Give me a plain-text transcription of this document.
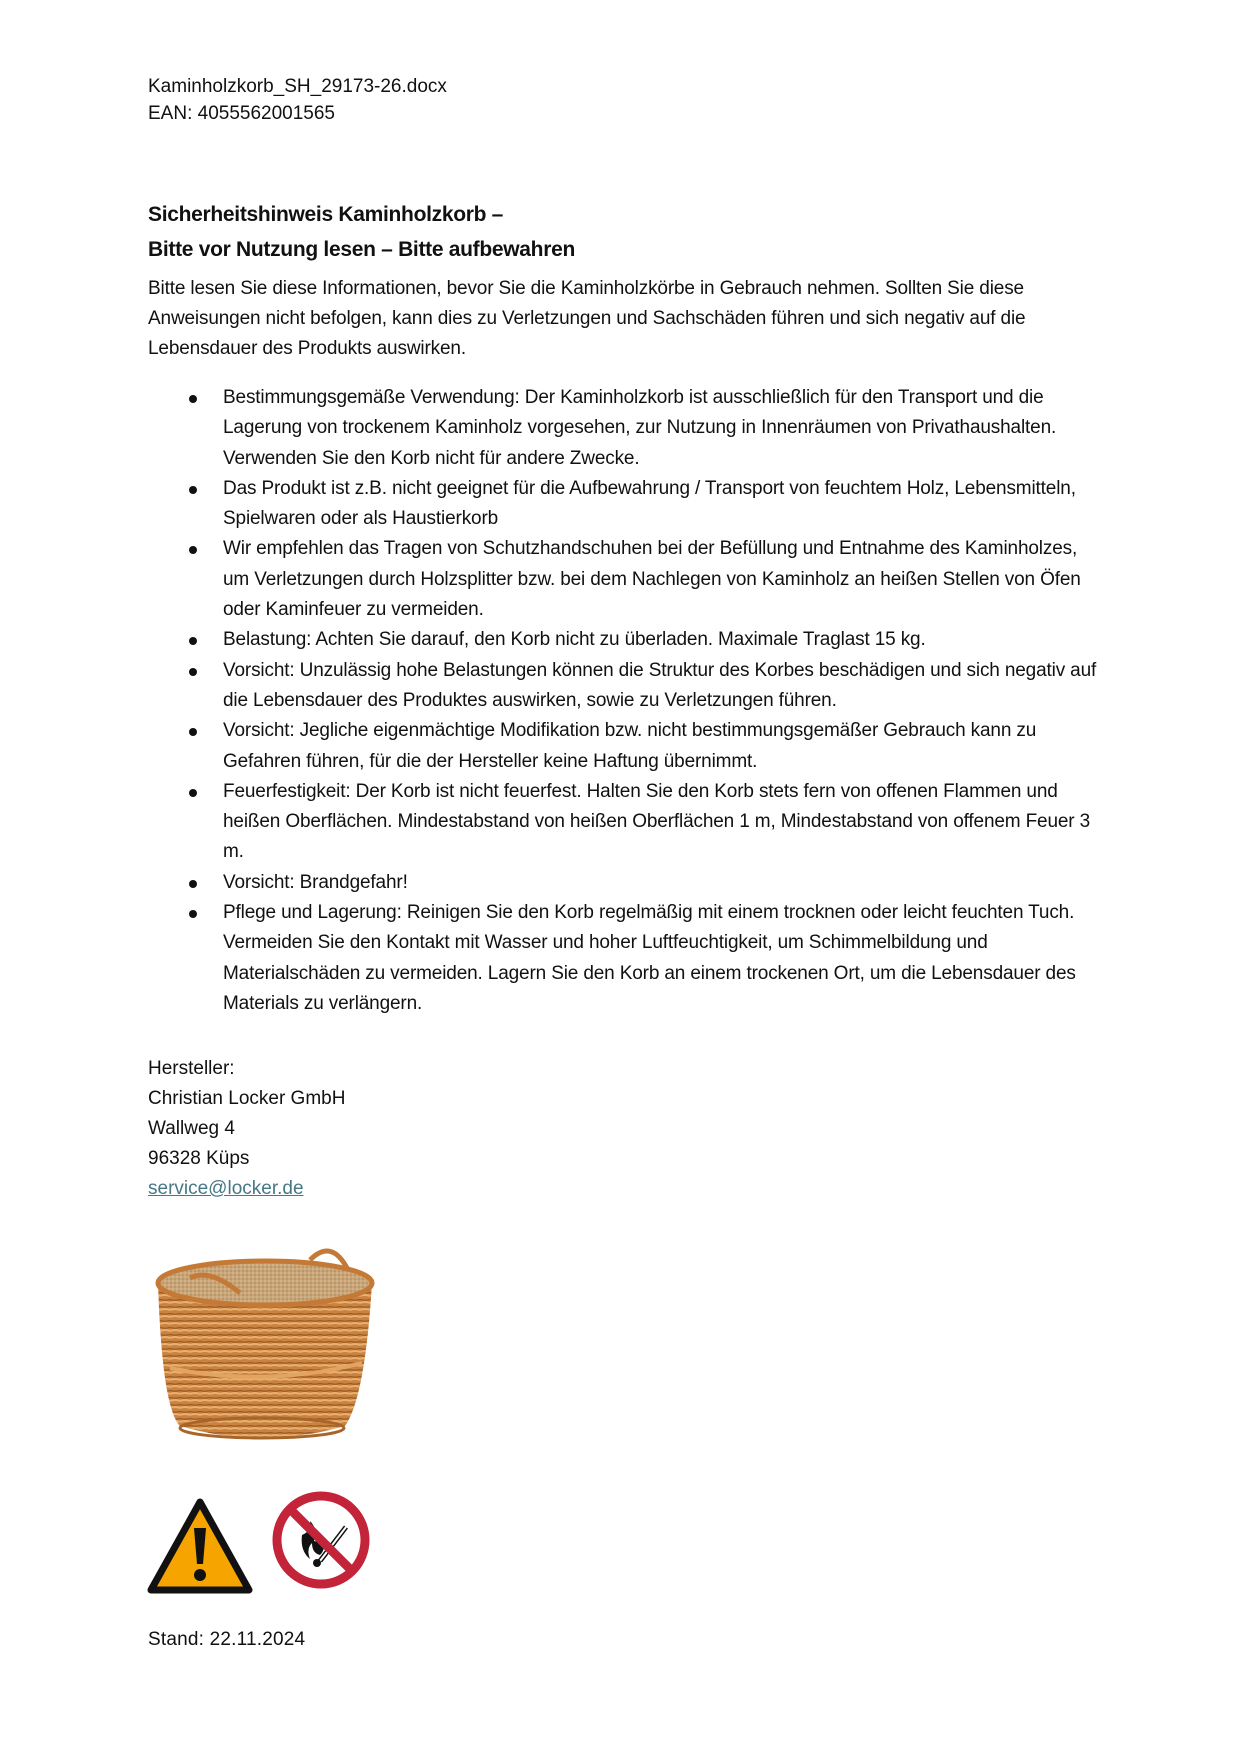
Kaminholzkorb_SH_29173-26.docx
EAN: 4055562001565
Sicherheitshinweis Kaminholzkorb –
Bitte vor Nutzung lesen – Bitte aufbewahren
Bitte lesen Sie diese Informationen, bevor Sie die Kaminholzkörbe in Gebrauch nehmen. Sollten Sie diese Anweisungen nicht befolgen, kann dies zu Verletzungen und Sachschäden führen und sich negativ auf die Lebensdauer des Produkts auswirken.
Bestimmungsgemäße Verwendung: Der Kaminholzkorb ist ausschließlich für den Transport und die Lagerung von trockenem Kaminholz vorgesehen, zur Nutzung in Innenräumen von Privathaushalten. Verwenden Sie den Korb nicht für andere Zwecke.
Das Produkt ist z.B. nicht geeignet für die Aufbewahrung / Transport von feuchtem Holz, Lebensmitteln, Spielwaren oder als Haustierkorb
Wir empfehlen das Tragen von Schutzhandschuhen bei der Befüllung und Entnahme des Kaminholzes, um Verletzungen durch Holzsplitter bzw. bei dem Nachlegen von Kaminholz an heißen Stellen von Öfen oder Kaminfeuer zu vermeiden.
Belastung: Achten Sie darauf, den Korb nicht zu überladen. Maximale Traglast 15 kg.
Vorsicht: Unzulässig hohe Belastungen können die Struktur des Korbes beschädigen und sich negativ auf die Lebensdauer des Produktes auswirken, sowie zu Verletzungen führen.
Vorsicht: Jegliche eigenmächtige Modifikation bzw. nicht bestimmungsgemäßer Gebrauch kann zu Gefahren führen, für die der Hersteller keine Haftung übernimmt.
Feuerfestigkeit: Der Korb ist nicht feuerfest. Halten Sie den Korb stets fern von offenen Flammen und heißen Oberflächen. Mindestabstand von heißen Oberflächen 1 m, Mindestabstand von offenem Feuer 3 m.
Vorsicht: Brandgefahr!
Pflege und Lagerung: Reinigen Sie den Korb regelmäßig mit einem trocknen oder leicht feuchten Tuch. Vermeiden Sie den Kontakt mit Wasser und hoher Luftfeuchtigkeit, um Schimmelbildung und Materialschäden zu vermeiden. Lagern Sie den Korb an einem trockenen Ort, um die Lebensdauer des Materials zu verlängern.
Hersteller:
Christian Locker GmbH
Wallweg 4
96328 Küps
service@locker.de
Stand: 22.11.2024
